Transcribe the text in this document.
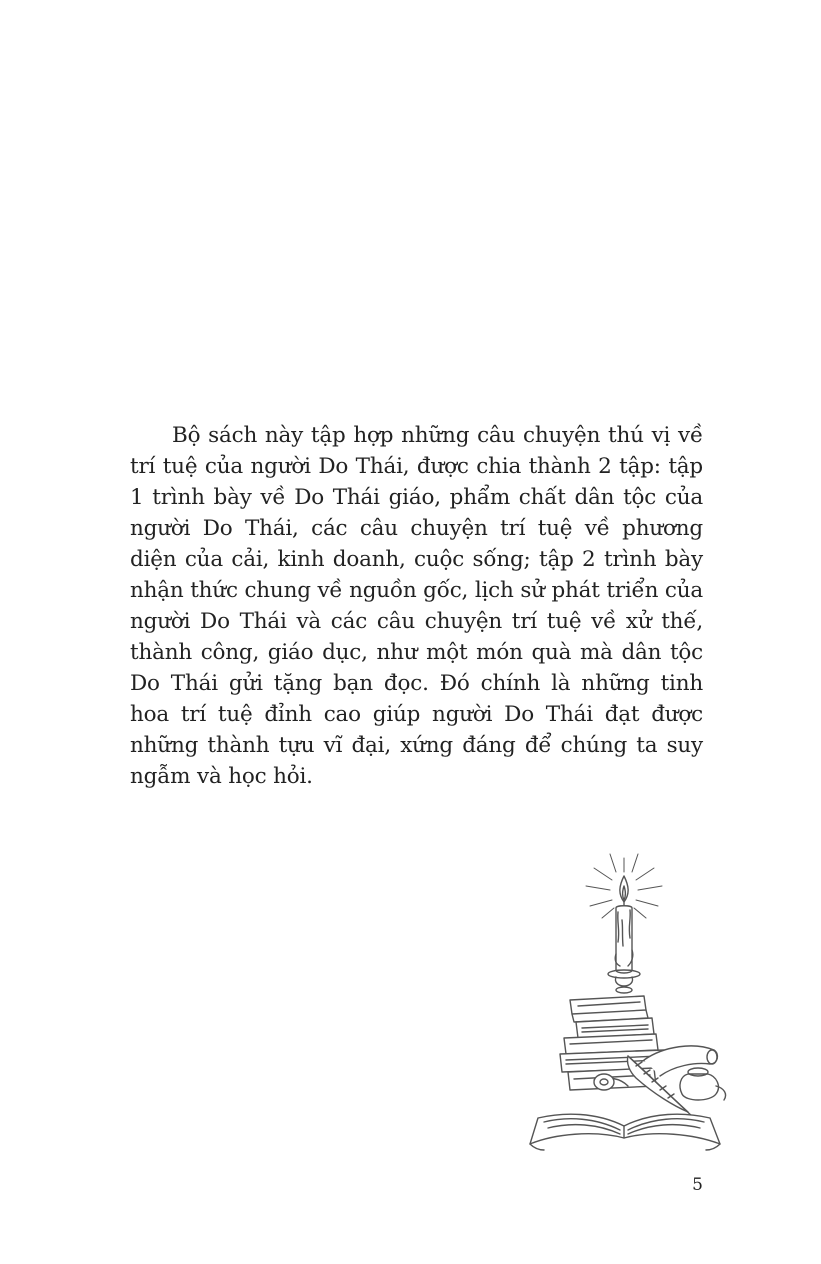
Bộ sách này tập hợp những câu chuyện thú vị về trí tuệ của người Do Thái, được chia thành 2 tập: tập 1 trình bày về Do Thái giáo, phẩm chất dân tộc của người Do Thái, các câu chuyện trí tuệ về phương diện của cải, kinh doanh, cuộc sống; tập 2 trình bày nhận thức chung về nguồn gốc, lịch sử phát triển của người Do Thái và các câu chuyện trí tuệ về xử thế, thành công, giáo dục, như một món quà mà dân tộc Do Thái gửi tặng bạn đọc. Đó chính là những tinh hoa trí tuệ đỉnh cao giúp người Do Thái đạt được những thành tựu vĩ đại, xứng đáng để chúng ta suy ngẫm và học hỏi.

5
